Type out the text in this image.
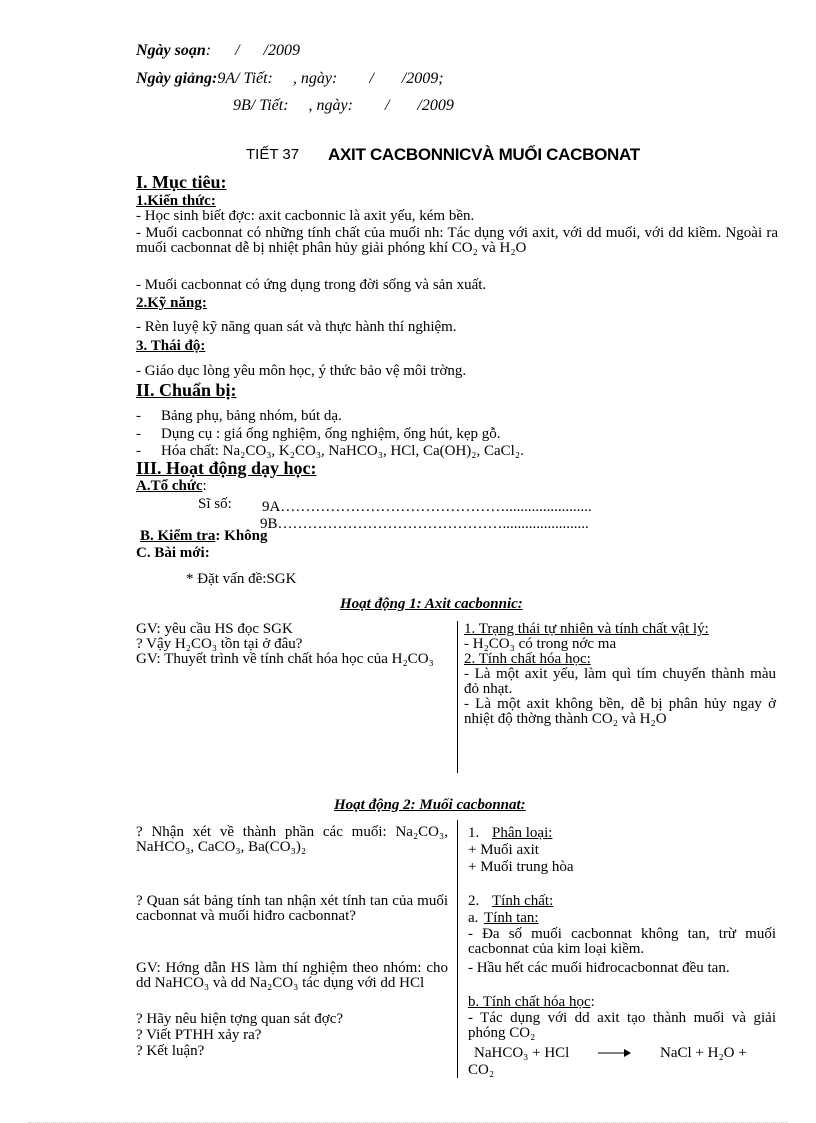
Ngày soạn:      /      /2009
Ngày giảng:9A/ Tiết:     , ngày:        /       /2009;
9B/ Tiết:     , ngày:        /       /2009
TIẾT 37 AXIT CACBONNICVÀ MUỐI CACBONAT
I. Mục tiêu:
1.Kiến thức:
- Học sinh biết đợc: axit cacbonnic là axit yếu, kém bền.
- Muối cacbonnat có những tính chất của muối nh: Tác dụng với axit, với dd muối, với dd kiềm. Ngoài ra muối cacbonnat dễ bị nhiệt phân hủy giải phóng khí CO₂ và H₂O
- Muối cacbonnat có ứng dụng trong đời sống và sản xuất.
2.Kỹ năng:
- Rèn luyệ kỹ năng quan sát và thực hành thí nghiệm.
3. Thái độ:
- Giáo dục lòng yêu môn học, ý thức bảo vệ môi trờng.
II. Chuẩn bị:
- Bảng phụ, bảng nhóm, bút dạ.
- Dụng cụ : giá ống nghiệm, ống nghiệm, ống hút, kẹp gỗ.
- Hóa chất: Na₂CO₃, K₂CO₃, NaHCO₃, HCl, Ca(OH)₂, CaCl₂.
III. Hoạt động dạy học:
A.Tổ chức:
Sĩ số: 9A……………………………………….......................
9B……………………………………….......................
B. Kiểm tra: Không
C. Bài mới:
* Đặt vấn đề:SGK
Hoạt động 1: Axit cacbonnic:

GV: yêu cầu HS đọc SGK

? Vậy H₂CO₃ tồn tại ở đâu?

GV: Thuyết trình về tính chất hóa học của H₂CO₃

1. Trạng thái tự nhiên và tính chất vật lý:

- H₂CO₃ có trong nớc ma

2. Tính chất hóa học:

- Là một axit yếu, làm quì tím chuyển thành màu đỏ nhạt.

- Là một axit không bền, dễ bị phân hủy ngay ở nhiệt độ thờng thành CO₂ và H₂O

Hoạt động 2: Muối cacbonnat:
? Nhận xét về thành phần các muối: Na₂CO₃, NaHCO₃, CaCO₃, Ba(CO₃)₂
? Quan sát bảng tính tan nhận xét tính tan của muối cacbonnat và muối hiđro cacbonnat?
GV: Hớng dẫn HS làm thí nghiệm theo nhóm: cho dd NaHCO₃ và dd Na₂CO₃ tác dụng với dd HCl
? Hãy nêu hiện tợng quan sát đợc?
? Viết PTHH xảy ra?
? Kết luận?
1. Phân loại:
+ Muối axit
+ Muối trung hòa
2. Tính chất:
a. Tính tan:
- Đa số muối cacbonnat không tan, trừ muối cacbonnat của kim loại kiềm.
- Hầu hết các muối hiđrocacbonnat đều tan.
b. Tính chất hóa học:
- Tác dụng với dd axit tạo thành muối và giải phóng CO₂
NaHCO₃ + HCl	NaCl + H₂O +
CO₂
